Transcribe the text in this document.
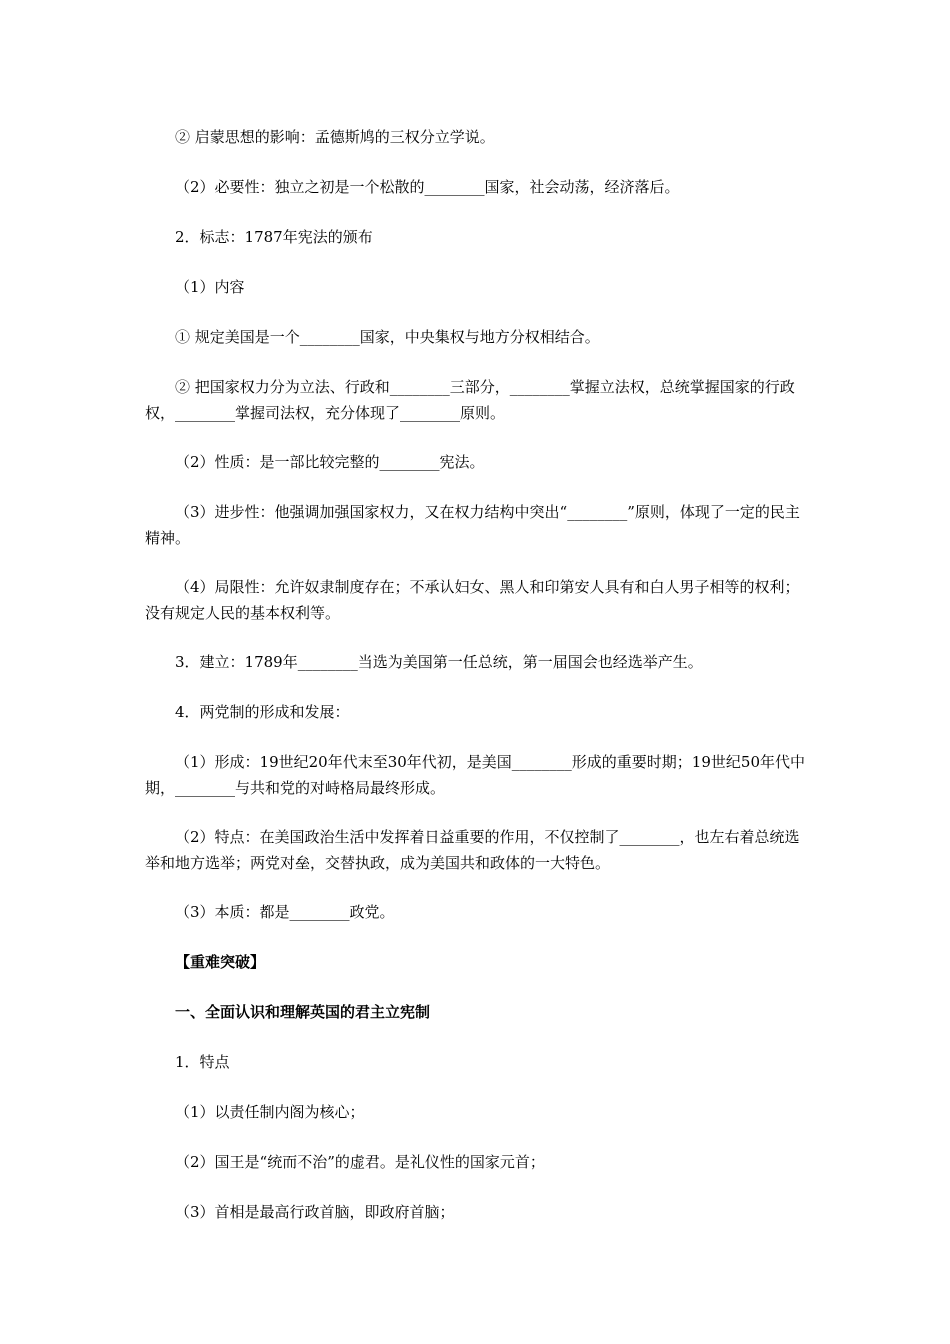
② 启蒙思想的影响：孟德斯鸠的三权分立学说。

（2）必要性：独立之初是一个松散的________国家，社会动荡，经济落后。

2．标志：1787年宪法的颁布

（1）内容

① 规定美国是一个________国家，中央集权与地方分权相结合。

② 把国家权力分为立法、行政和________三部分，________掌握立法权，总统掌握国家的行政权，________掌握司法权，充分体现了________原则。

（2）性质：是一部比较完整的________宪法。

（3）进步性：他强调加强国家权力，又在权力结构中突出“________”原则，体现了一定的民主精神。

（4）局限性：允许奴隶制度存在；不承认妇女、黑人和印第安人具有和白人男子相等的权利；没有规定人民的基本权利等。

3．建立：1789年________当选为美国第一任总统，第一届国会也经选举产生。

4．两党制的形成和发展：

（1）形成：19世纪20年代末至30年代初，是美国________形成的重要时期；19世纪50年代中期，________与共和党的对峙格局最终形成。

（2）特点：在美国政治生活中发挥着日益重要的作用，不仅控制了________，也左右着总统选举和地方选举；两党对垒，交替执政，成为美国共和政体的一大特色。

（3）本质：都是________政党。

【重难突破】

一、全面认识和理解英国的君主立宪制

1．特点

（1）以责任制内阁为核心；

（2）国王是“统而不治”的虚君。是礼仪性的国家元首；

（3）首相是最高行政首脑，即政府首脑；
